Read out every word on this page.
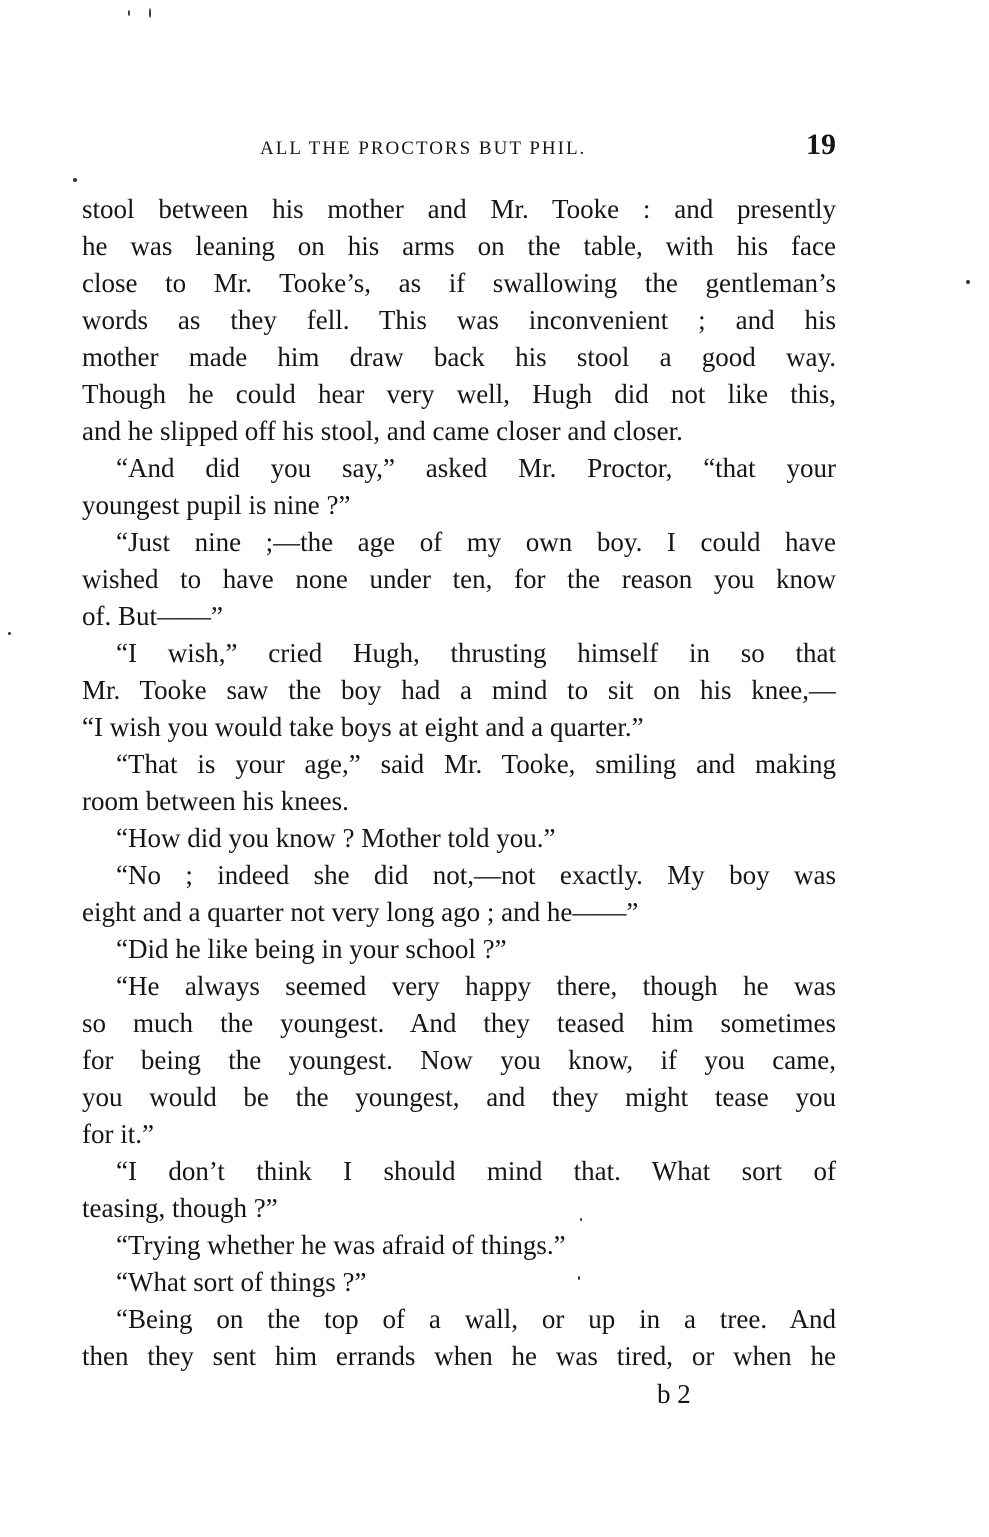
ALL THE PROCTORS BUT PHIL.	19
stool between his mother and Mr. Tooke : and presently
he was leaning on his arms on the table, with his face
close to Mr. Tooke’s, as if swallowing the gentleman’s
words as they fell. This was inconvenient ; and his
mother made him draw back his stool a good way.
Though he could hear very well, Hugh did not like this,
and he slipped off his stool, and came closer and closer.
“And did you say,” asked Mr. Proctor, “that your
youngest pupil is nine ?”
“Just nine ;—the age of my own boy. I could have
wished to have none under ten, for the reason you know
of. But——”
“I wish,” cried Hugh, thrusting himself in so that
Mr. Tooke saw the boy had a mind to sit on his knee,—
“I wish you would take boys at eight and a quarter.”
“That is your age,” said Mr. Tooke, smiling and making
room between his knees.
“How did you know ? Mother told you.”
“No ; indeed she did not,—not exactly. My boy was
eight and a quarter not very long ago ; and he——”
“Did he like being in your school ?”
“He always seemed very happy there, though he was
so much the youngest. And they teased him sometimes
for being the youngest. Now you know, if you came,
you would be the youngest, and they might tease you
for it.”
“I don’t think I should mind that. What sort of
teasing, though ?”
“Trying whether he was afraid of things.”
“What sort of things ?”
“Being on the top of a wall, or up in a tree. And
then they sent him errands when he was tired, or when he
b 2
